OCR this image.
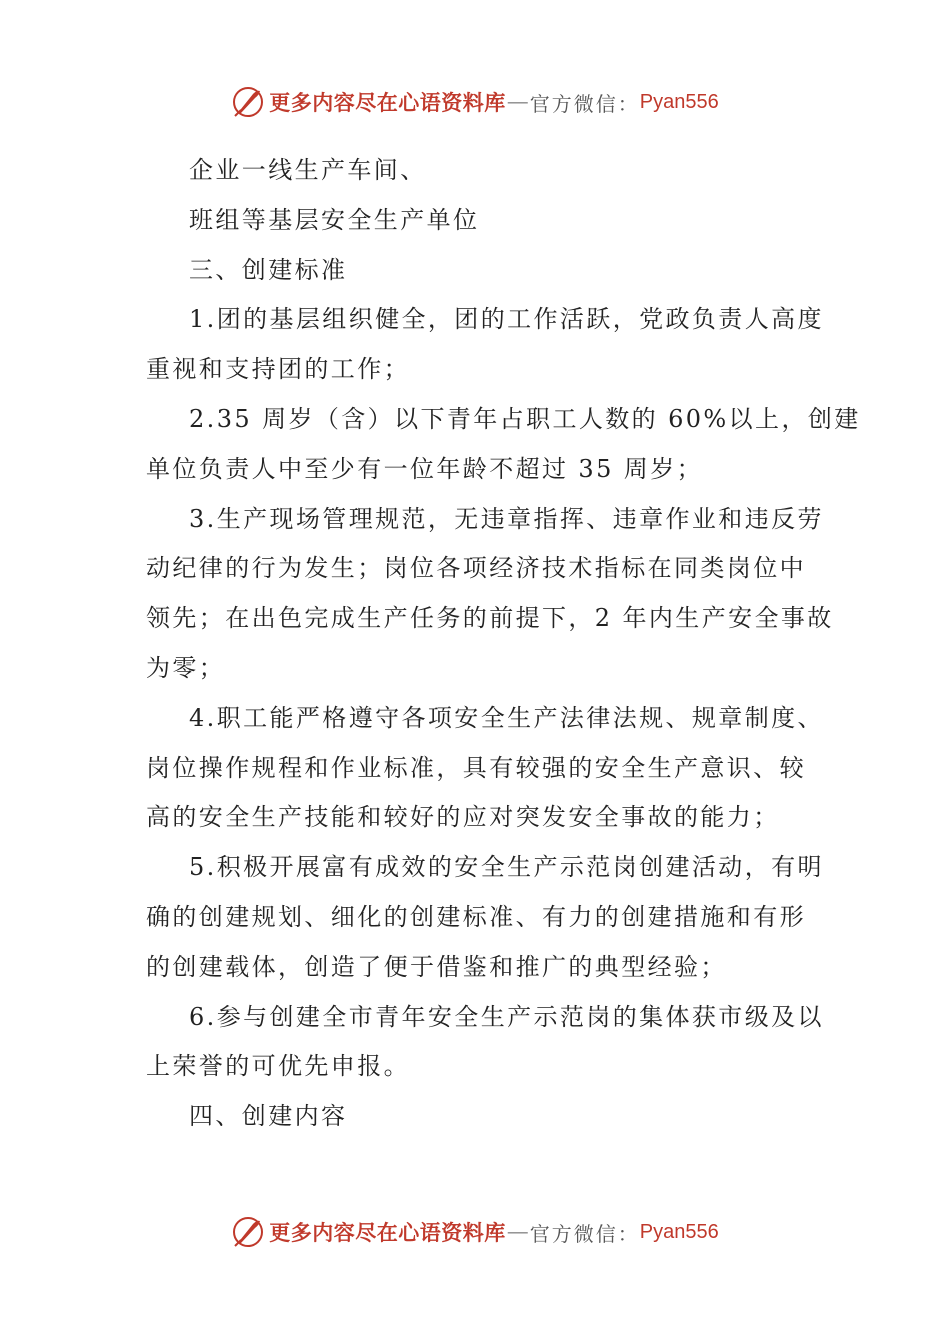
更多内容尽在心语资料库 — 官方微信： Pyan556
企业一线生产车间、
班组等基层安全生产单位
三、创建标准
1.团的基层组织健全，团的工作活跃，党政负责人高度
重视和支持团的工作；
2.35 周岁（含）以下青年占职工人数的 60%以上，创建
单位负责人中至少有一位年龄不超过 35 周岁；
3.生产现场管理规范，无违章指挥、违章作业和违反劳
动纪律的行为发生；岗位各项经济技术指标在同类岗位中
领先；在出色完成生产任务的前提下，2 年内生产安全事故
为零；
4.职工能严格遵守各项安全生产法律法规、规章制度、
岗位操作规程和作业标准，具有较强的安全生产意识、较
高的安全生产技能和较好的应对突发安全事故的能力；
5.积极开展富有成效的安全生产示范岗创建活动，有明
确的创建规划、细化的创建标准、有力的创建措施和有形
的创建载体，创造了便于借鉴和推广的典型经验；
6.参与创建全市青年安全生产示范岗的集体获市级及以
上荣誉的可优先申报。
四、创建内容
更多内容尽在心语资料库 — 官方微信： Pyan556
